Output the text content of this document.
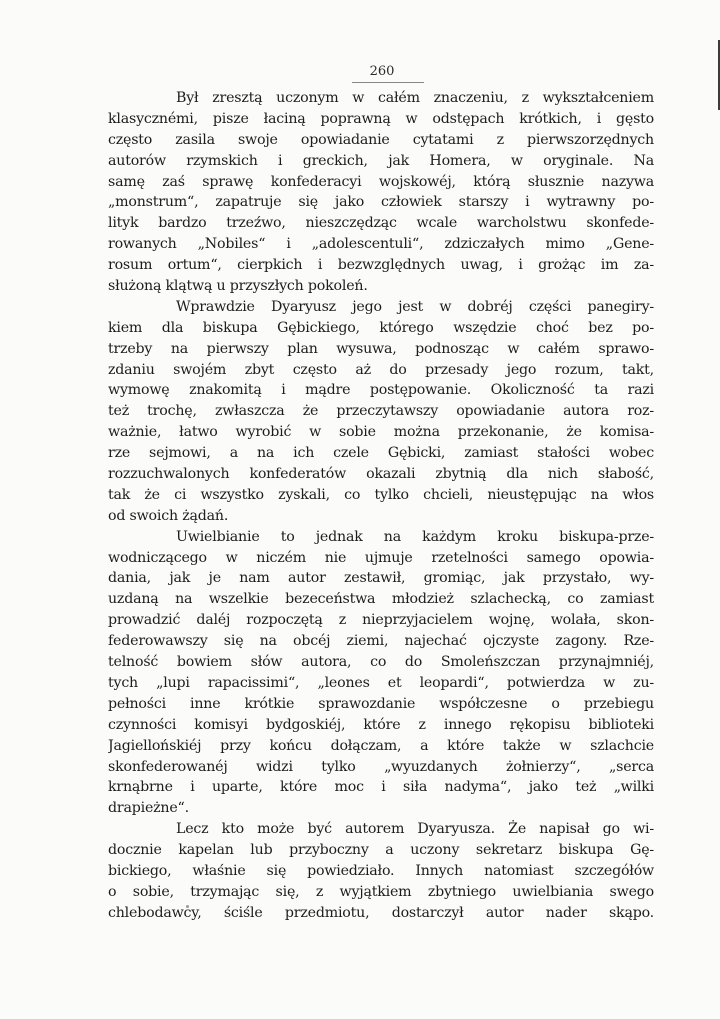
260
Był zresztą uczonym w całém znaczeniu, z wykształceniem
klasycznémi, pisze łaciną poprawną w odstępach krótkich, i gęsto
często zasila swoje opowiadanie cytatami z pierwszorzędnych
autorów rzymskich i greckich, jak Homera, w oryginale. Na
samę zaś sprawę konfederacyi wojskowéj, którą słusznie nazywa
„monstrum“, zapatruje się jako człowiek starszy i wytrawny po-
lityk bardzo trzeźwo, nieszczędząc wcale warcholstwu skonfede-
rowanych „Nobiles“ i „adolescentuli“, zdziczałych mimo „Gene-
rosum ortum“, cierpkich i bezwzględnych uwag, i grożąc im za-
służoną klątwą u przyszłych pokoleń.
Wprawdzie Dyaryusz jego jest w dobréj części panegiry-
kiem dla biskupa Gębickiego, którego wszędzie choć bez po-
trzeby na pierwszy plan wysuwa, podnosząc w całém sprawo-
zdaniu swojém zbyt często aż do przesady jego rozum, takt,
wymowę znakomitą i mądre postępowanie. Okoliczność ta razi
też trochę, zwłaszcza że przeczytawszy opowiadanie autora roz-
ważnie, łatwo wyrobić w sobie można przekonanie, że komisa-
rze sejmowi, a na ich czele Gębicki, zamiast stałości wobec
rozzuchwalonych konfederatów okazali zbytnią dla nich słabość,
tak że ci wszystko zyskali, co tylko chcieli, nieustępując na włos
od swoich żądań.
Uwielbianie to jednak na każdym kroku biskupa-prze-
wodniczącego w niczém nie ujmuje rzetelności samego opowia-
dania, jak je nam autor zestawił, gromiąc, jak przystało, wy-
uzdaną na wszelkie bezeceństwa młodzież szlachecką, co zamiast
prowadzić daléj rozpoczętą z nieprzyjacielem wojnę, wolała, skon-
federowawszy się na obcéj ziemi, najechać ojczyste zagony. Rze-
telność bowiem słów autora, co do Smoleńszczan przynajmniéj,
tych „lupi rapacissimi“, „leones et leopardi“, potwierdza w zu-
pełności inne krótkie sprawozdanie współczesne o przebiegu
czynności komisyi bydgoskiéj, które z innego rękopisu biblioteki
Jagiellońskiéj przy końcu dołączam, a które także w szlachcie
skonfederowanéj widzi tylko „wyuzdanych żołnierzy“, „serca
krnąbrne i uparte, które moc i siła nadyma“, jako też „wilki
drapieżne“.
Lecz kto może być autorem Dyaryusza. Że napisał go wi-
docznie kapelan lub przyboczny a uczony sekretarz biskupa Gę-
bickiego, właśnie się powiedziało. Innych natomiast szczegółów
o sobie, trzymając się, z wyjątkiem zbytniego uwielbiania swego
chlebodawcy, ściśle przedmiotu, dostarczył autor nader skąpo.
